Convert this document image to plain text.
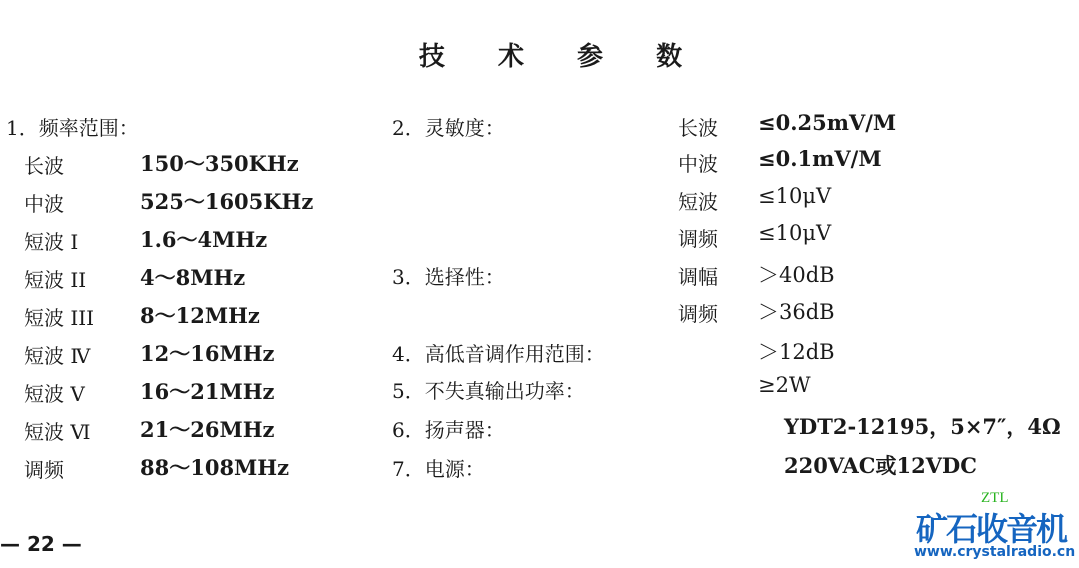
技 术 参 数
1．频率范围：
长波	150～350KHz
中波	525～1605KHz
短波 I	1.6～4MHz
短波 II	4～8MHz
短波 III 8～12MHz
短波 Ⅳ 12～16MHz
短波 V	16～21MHz
短波 Ⅵ 21～26MHz
调频	88～108MHz
2．灵敏度：	长波 ≤0.25mV/M
中波 ≤0.1mV/M
短波 ≤10μV
调频 ≤10μV
3．选择性：	调幅 ＞40dB
调频 ＞36dB
4．高低音调作用范围：	＞12dB
5．不失真输出功率：	≥2W
6．扬声器：	YDT2-12195，5×7″，4Ω
7．电源：	220VAC或12VDC
— 22 —
ZTL
矿石收音机
www.crystalradio.cn
